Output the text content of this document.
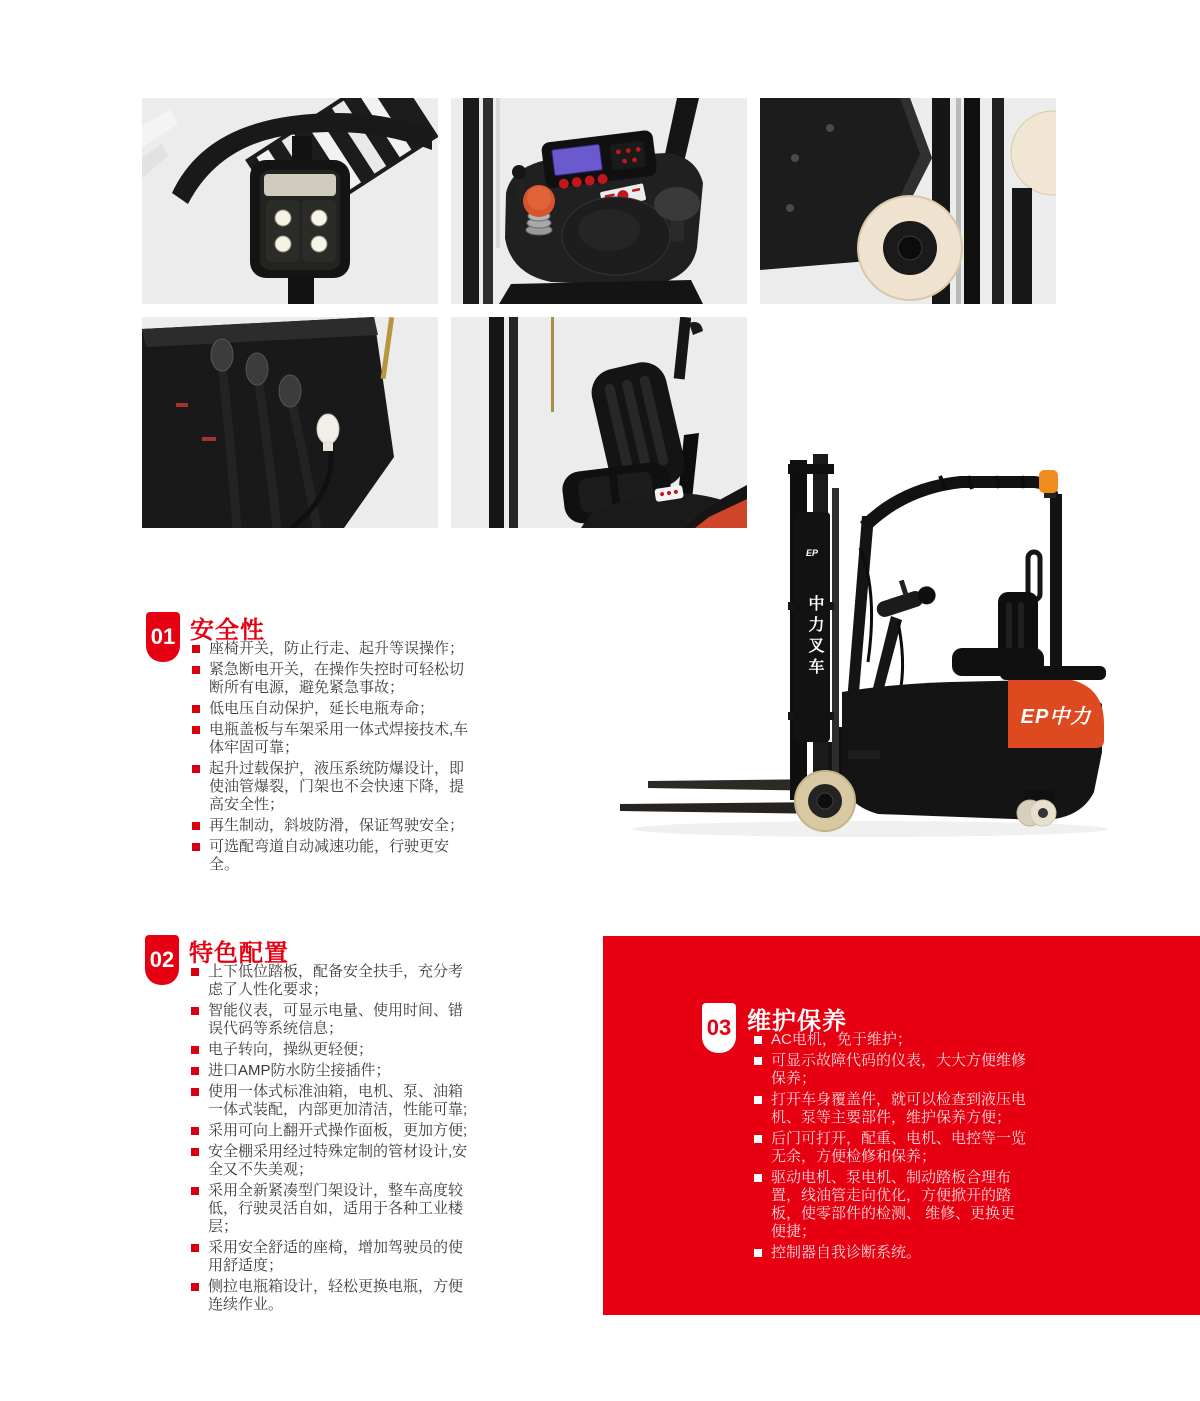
EP
中力叉车
EP中力
01 安全性
座椅开关，防止行走、起升等误操作；
紧急断电开关，在操作失控时可轻松切断所有电源，避免紧急事故；
低电压自动保护，延长电瓶寿命；
电瓶盖板与车架采用一体式焊接技术,车体牢固可靠；
起升过载保护，液压系统防爆设计，即使油管爆裂，门架也不会快速下降，提高安全性；
再生制动，斜坡防滑，保证驾驶安全；
可选配弯道自动减速功能，行驶更安全。
02 特色配置
上下低位踏板，配备安全扶手，充分考虑了人性化要求；
智能仪表，可显示电量、使用时间、错误代码等系统信息；
电子转向，操纵更轻便；
进口AMP防水防尘接插件；
使用一体式标准油箱，电机、泵、油箱一体式装配，内部更加清洁，性能可靠;
采用可向上翻开式操作面板，更加方便;
安全棚采用经过特殊定制的管材设计,安全又不失美观；
采用全新紧凑型门架设计，整车高度较低，行驶灵活自如，适用于各种工业楼层；
采用安全舒适的座椅，增加驾驶员的使用舒适度；
侧拉电瓶箱设计，轻松更换电瓶，方便连续作业。
03 维护保养
AC电机，免于维护；
可显示故障代码的仪表，大大方便维修保养；
打开车身覆盖件，就可以检查到液压电机、泵等主要部件，维护保养方便；
后门可打开，配重、电机、电控等一览无余，方便检修和保养；
驱动电机、泵电机、制动踏板合理布置，线油管走向优化，方便掀开的踏板，使零部件的检测、 维修、更换更便捷；
控制器自我诊断系统。
